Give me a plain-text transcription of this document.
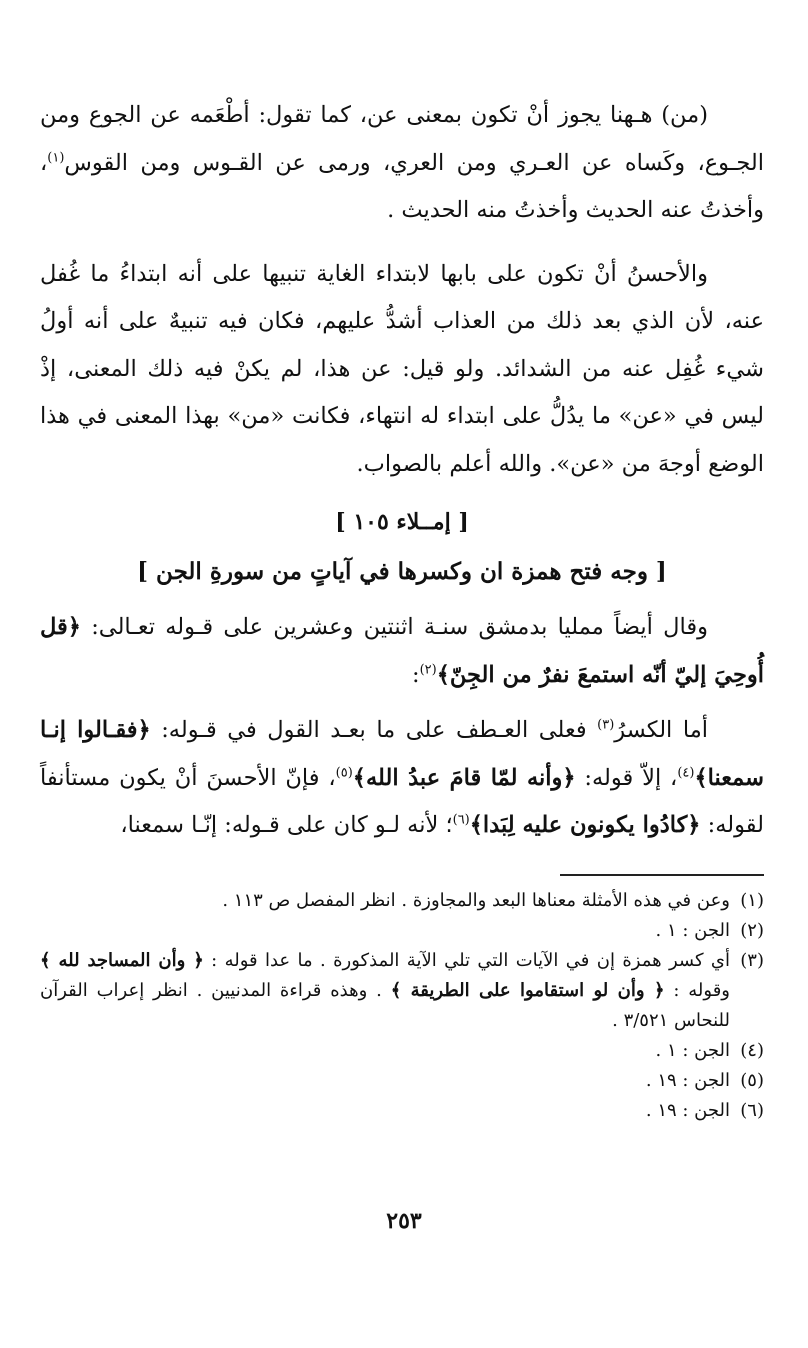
(من) هـهنا يجوز أنْ تكون بمعنى عن، كما تقول: أطْعَمه عن الجوع ومن الجـوع، وكَساه عن العـري ومن العري، ورمى عن القـوس ومن القوس$^{(١)}$، وأخذتُ عنه الحديث وأخذتُ منه الحديث .

والأحسنُ أنْ تكون على بابها لابتداء الغاية تنبيها على أنه ابتداءُ ما غُفل عنه، لأن الذي بعد ذلك من العذاب أشدُّ عليهم، فكان فيه تنبيهٌ على أنه أولُ شيء غُفِل عنه من الشدائد. ولو قيل: عن هذا، لم يكنْ فيه ذلك المعنى، إذْ ليس في «عن» ما يدُلُّ على ابتداء له انتهاء، فكانت «من» بهذا المعنى في هذا الوضع أوجهَ من «عن». والله أعلم بالصواب.

[ إمــلاء ١٠٥ ]

[ وجه فتح همزة ان وكسرها في آياتٍ من سورةِ الجن ]

وقال أيضاً ممليا بدمشق سنـة اثنتين وعشرين على قـوله تعـالى: ﴿قل أُوحِيَ إليّ أنّه استمعَ نفرٌ من الجِنّ﴾$^{(٢)}$:

أما الكسرُ$^{(٣)}$ فعلى العـطف على ما بعـد القول في قـوله: ﴿فقـالوا إنـا سمعنا﴾$^{(٤)}$، إلاّ قوله: ﴿وأنه لمّا قامَ عبدُ الله﴾$^{(٥)}$، فإنّ الأحسنَ أنْ يكون مستأنفاً لقوله: ﴿كادُوا يكونون عليه لِبَدا﴾$^{(٦)}$؛ لأنه لـو كان على قـوله: إنّـا سمعنا،

(١)
وعن في هذه الأمثلة معناها البعد والمجاوزة . انظر المفصل ص ١١٣ .
(٢)
الجن : ١ .
(٣)
أي كسر همزة إن في الآيات التي تلي الآية المذكورة . ما عدا قوله : ﴿ وأن المساجد لله ﴾ وقوله : ﴿ وأن لو استقاموا على الطريقة ﴾ . وهذه قراءة المدنيين . انظر إعراب القرآن للنحاس ٣/٥٢١ .
(٤)
الجن : ١ .
(٥)
الجن : ١٩ .
(٦)
الجن : ١٩ .
٢٥٣
